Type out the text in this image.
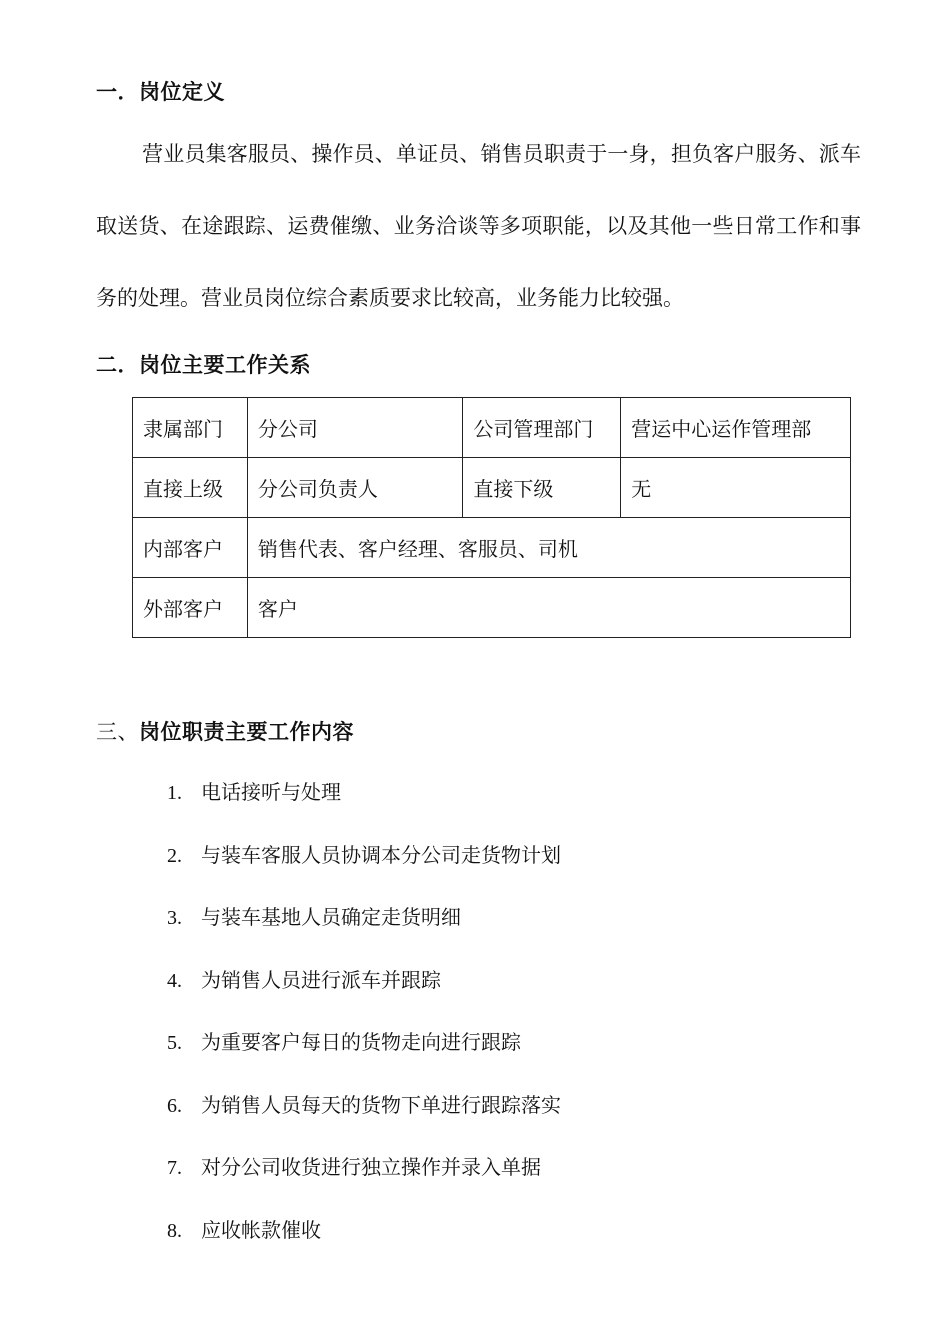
一．岗位定义
营业员集客服员、操作员、单证员、销售员职责于一身，担负客户服务、派车取送货、在途跟踪、运费催缴、业务洽谈等多项职能，以及其他一些日常工作和事务的处理。营业员岗位综合素质要求比较高，业务能力比较强。
二．岗位主要工作关系
隶属部门	分公司	公司管理部门	营运中心运作管理部
直接上级	分公司负责人	直接下级	无
内部客户	销售代表、客户经理、客服员、司机		
外部客户	客户		
三、岗位职责主要工作内容
1. 电话接听与处理
2. 与装车客服人员协调本分公司走货物计划
3. 与装车基地人员确定走货明细
4. 为销售人员进行派车并跟踪
5. 为重要客户每日的货物走向进行跟踪
6. 为销售人员每天的货物下单进行跟踪落实
7. 对分公司收货进行独立操作并录入单据
8. 应收帐款催收
